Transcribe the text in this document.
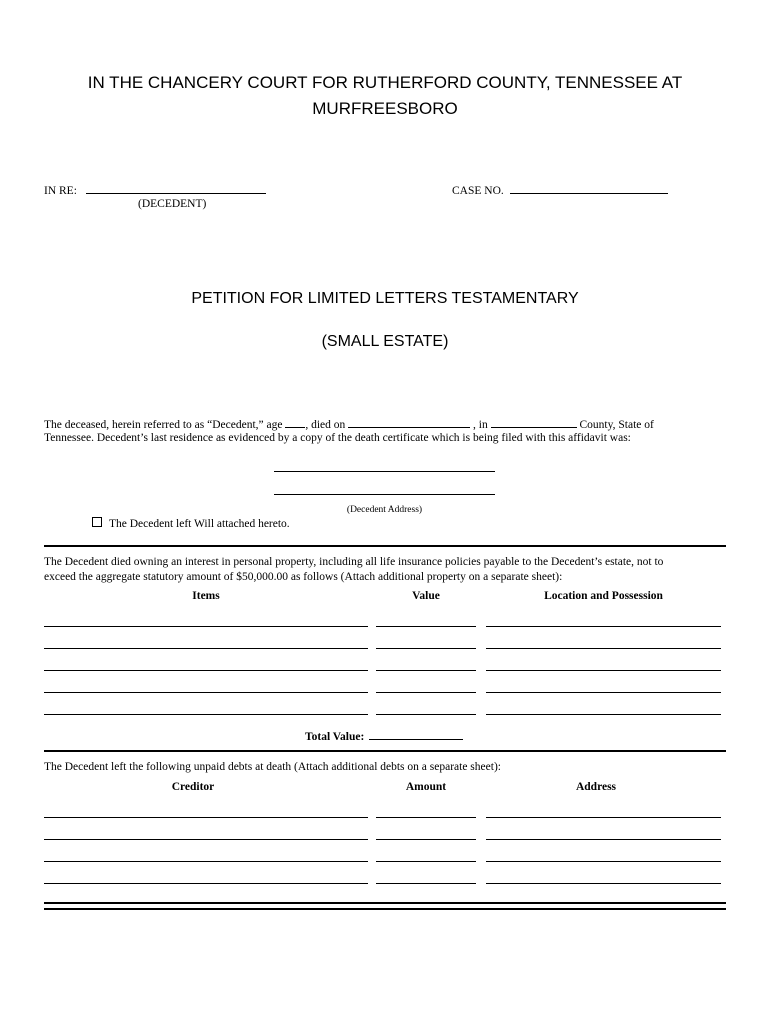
IN THE CHANCERY COURT FOR RUTHERFORD COUNTY, TENNESSEE AT
MURFREESBORO
IN RE:
(DECEDENT)
CASE NO.
PETITION FOR LIMITED LETTERS TESTAMENTARY
(SMALL ESTATE)
The deceased, herein referred to as “Decedent,” age , died on	, in	County, State of
Tennessee. Decedent’s last residence as evidenced by a copy of the death certificate which is being filed with this affidavit was:
(Decedent Address)
The Decedent left Will attached hereto.
The Decedent died owning an interest in personal property, including all life insurance policies payable to the Decedent’s estate, not to
exceed the aggregate statutory amount of $50,000.00 as follows (Attach additional property on a separate sheet):
Items	Value	Location and Possession
Total Value:
The Decedent left the following unpaid debts at death (Attach additional debts on a separate sheet):
Creditor	Amount	Address
